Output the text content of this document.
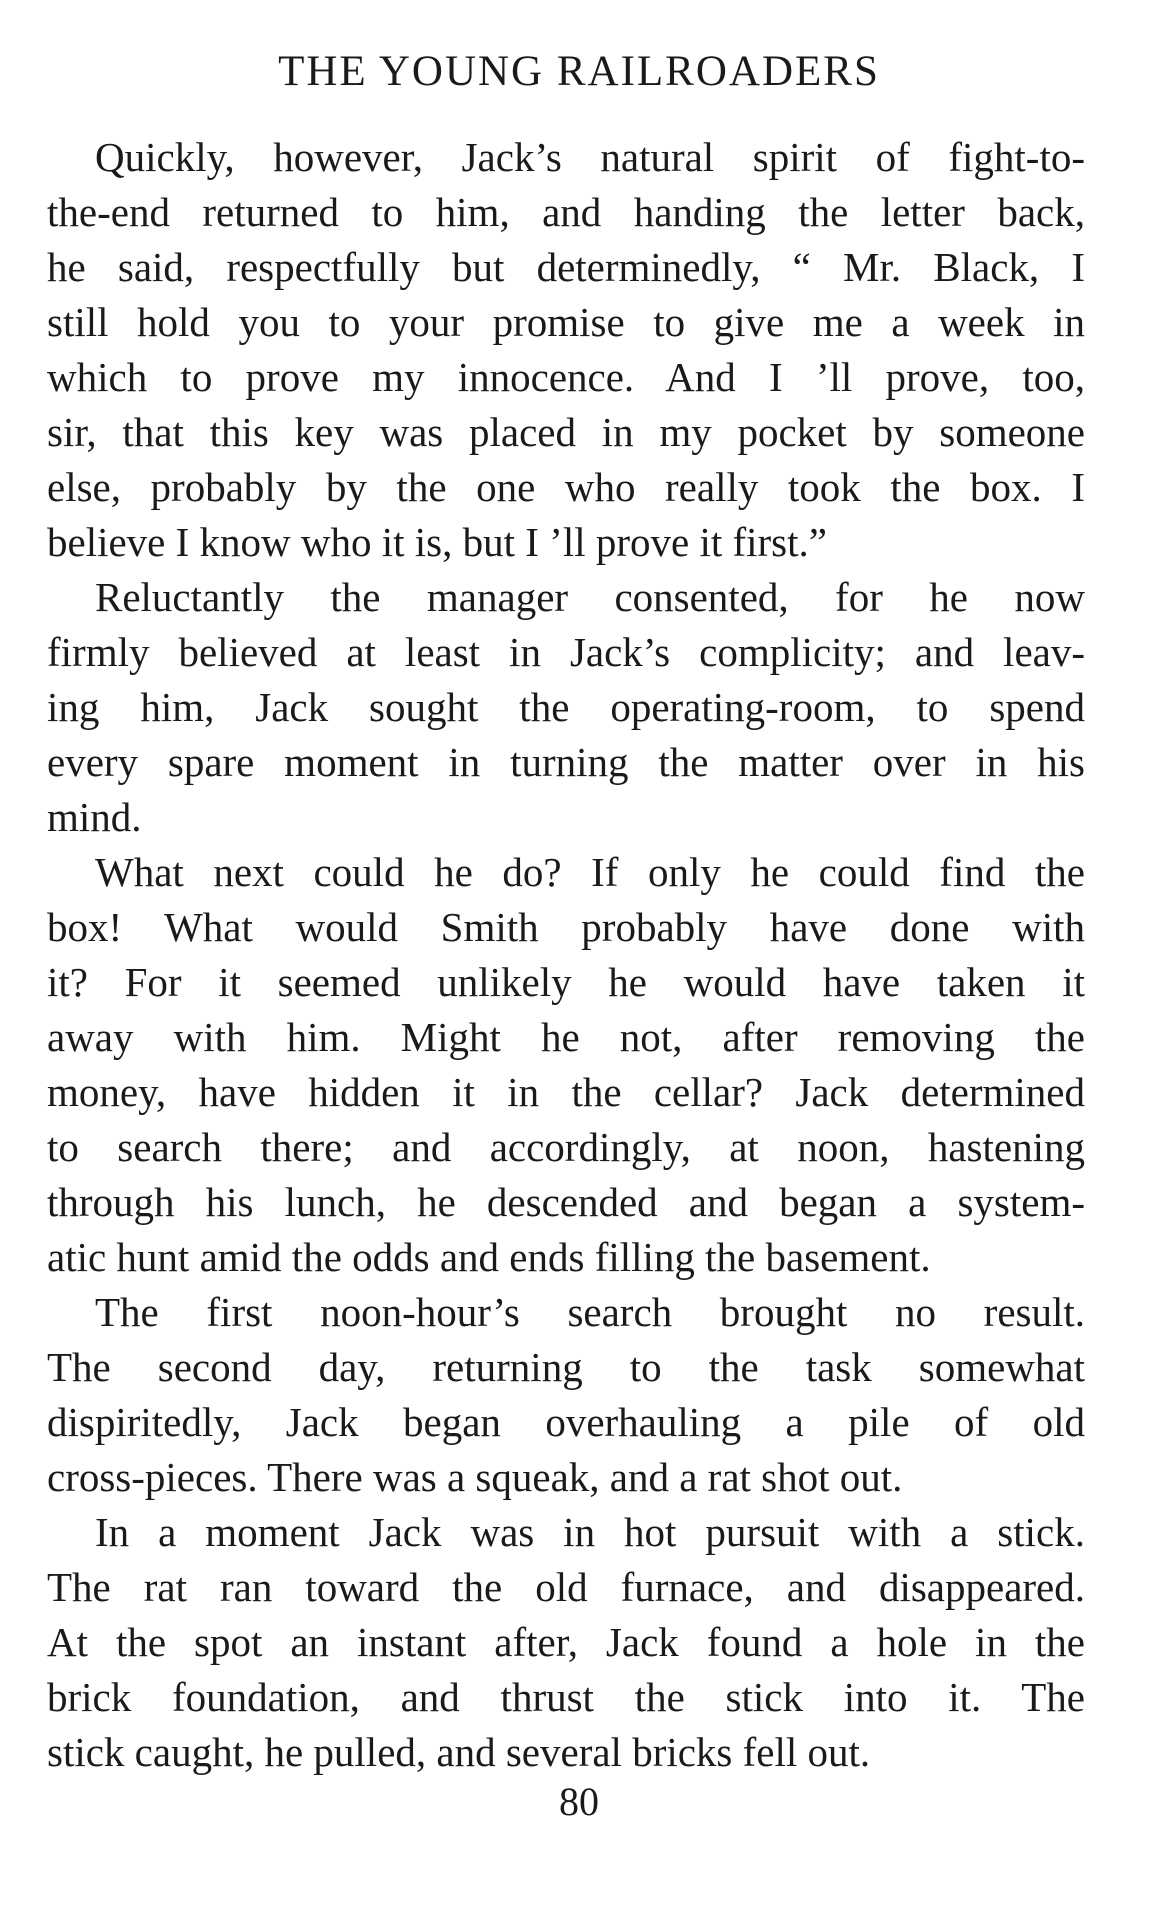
THE YOUNG RAILROADERS
Quickly, however, Jack’s natural spirit of fight-to-
the-end returned to him, and handing the letter back,
he said, respectfully but determinedly, “ Mr. Black, I
still hold you to your promise to give me a week in
which to prove my innocence. And I ’ll prove, too,
sir, that this key was placed in my pocket by someone
else, probably by the one who really took the box. I
believe I know who it is, but I ’ll prove it first.”
Reluctantly the manager consented, for he now
firmly believed at least in Jack’s complicity; and leav-
ing him, Jack sought the operating-room, to spend
every spare moment in turning the matter over in his
mind.
What next could he do? If only he could find the
box! What would Smith probably have done with
it? For it seemed unlikely he would have taken it
away with him. Might he not, after removing the
money, have hidden it in the cellar? Jack determined
to search there; and accordingly, at noon, hastening
through his lunch, he descended and began a system-
atic hunt amid the odds and ends filling the basement.
The first noon-hour’s search brought no result.
The second day, returning to the task somewhat
dispiritedly, Jack began overhauling a pile of old
cross-pieces. There was a squeak, and a rat shot out.
In a moment Jack was in hot pursuit with a stick.
The rat ran toward the old furnace, and disappeared.
At the spot an instant after, Jack found a hole in the
brick foundation, and thrust the stick into it. The
stick caught, he pulled, and several bricks fell out.
80
